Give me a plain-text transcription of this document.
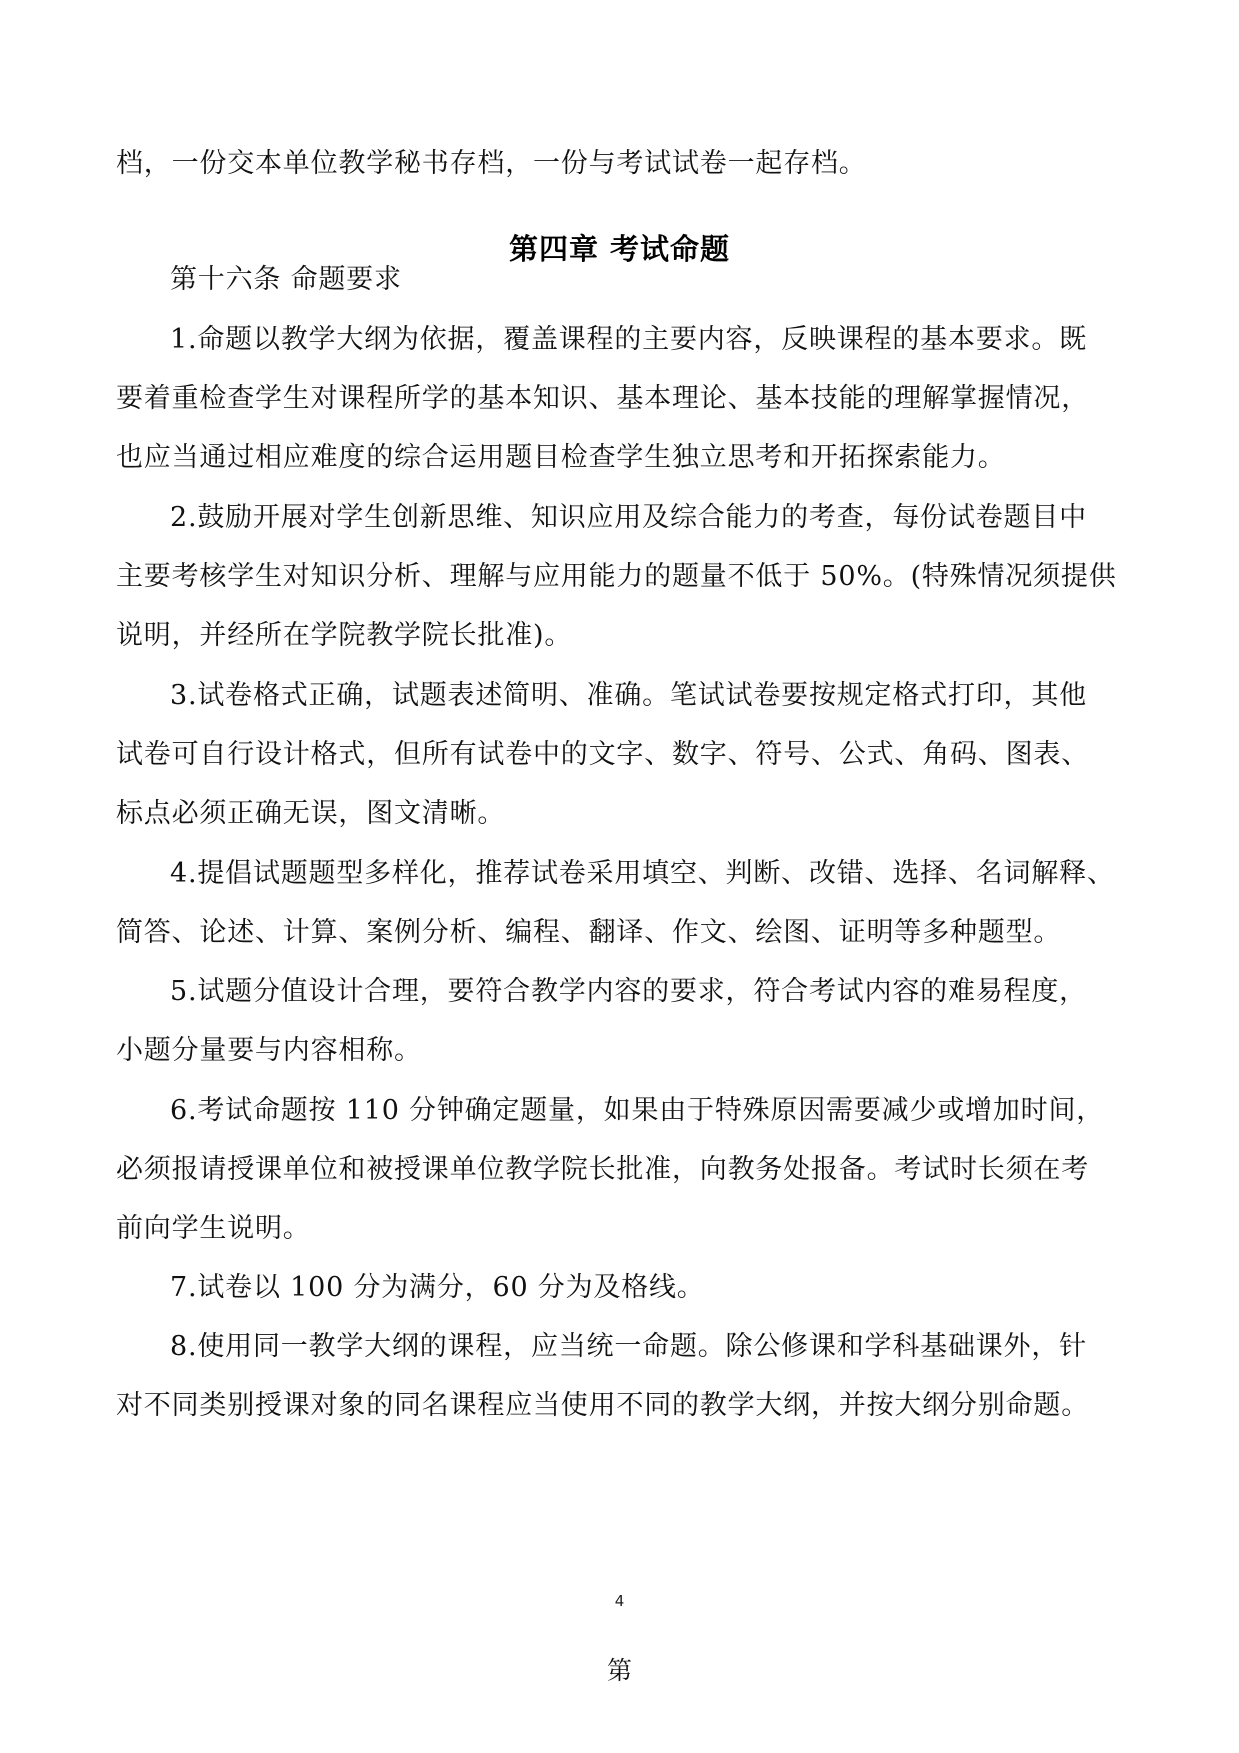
档，一份交本单位教学秘书存档，一份与考试试卷一起存档。
第四章 考试命题
第十六条 命题要求
1.命题以教学大纲为依据，覆盖课程的主要内容，反映课程的基本要求。既
要着重检查学生对课程所学的基本知识、基本理论、基本技能的理解掌握情况，
也应当通过相应难度的综合运用题目检查学生独立思考和开拓探索能力。
2.鼓励开展对学生创新思维、知识应用及综合能力的考查，每份试卷题目中
主要考核学生对知识分析、理解与应用能力的题量不低于 50%。(特殊情况须提供
说明，并经所在学院教学院长批准)。
3.试卷格式正确，试题表述简明、准确。笔试试卷要按规定格式打印，其他
试卷可自行设计格式，但所有试卷中的文字、数字、符号、公式、角码、图表、
标点必须正确无误，图文清晰。
4.提倡试题题型多样化，推荐试卷采用填空、判断、改错、选择、名词解释、
简答、论述、计算、案例分析、编程、翻译、作文、绘图、证明等多种题型。
5.试题分值设计合理，要符合教学内容的要求，符合考试内容的难易程度，
小题分量要与内容相称。
6.考试命题按 110 分钟确定题量，如果由于特殊原因需要减少或增加时间，
必须报请授课单位和被授课单位教学院长批准，向教务处报备。考试时长须在考
前向学生说明。
7.试卷以 100 分为满分，60 分为及格线。
8.使用同一教学大纲的课程，应当统一命题。除公修课和学科基础课外，针
对不同类别授课对象的同名课程应当使用不同的教学大纲，并按大纲分别命题。
4
第
